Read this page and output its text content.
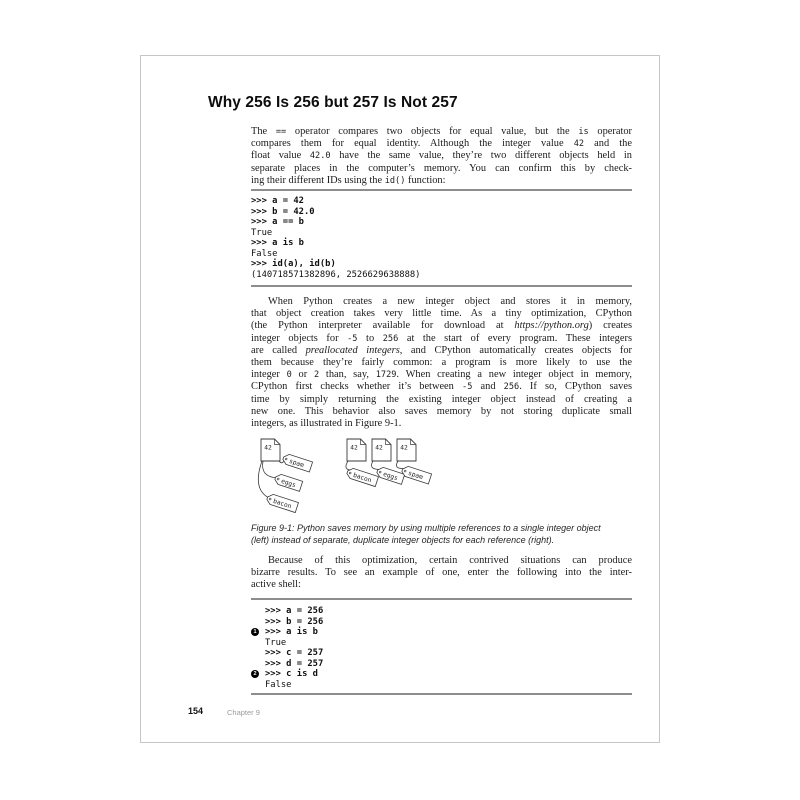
Why 256 Is 256 but 257 Is Not 257
The == operator compares two objects for equal value, but the is operator
compares them for equal identity. Although the integer value 42 and the
float value 42.0 have the same value, they’re two different objects held in
separate places in the computer’s memory. You can confirm this by check-
ing their different IDs using the id() function:
>>> a = 42
>>> b = 42.0
>>> a == b
True
>>> a is b
False
>>> id(a), id(b)
(140718571382896, 2526629638888)
When Python creates a new integer object and stores it in memory,
that object creation takes very little time. As a tiny optimization, CPython
(the Python interpreter available for download at https://python.org) creates
integer objects for -5 to 256 at the start of every program. These integers
are called preallocated integers, and CPython automatically creates objects for
them because they’re fairly common: a program is more likely to use the
integer 0 or 2 than, say, 1729. When creating a new integer object in memory,
CPython first checks whether it’s between -5 and 256. If so, CPython saves
time by simply returning the existing integer object instead of creating a
new one. This behavior also saves memory by not storing duplicate small
integers, as illustrated in Figure 9-1.
42
spam
eggs
bacon
42	42	42
bacon eggs spam
Figure 9-1: Python saves memory by using multiple references to a single integer object
(left) instead of separate, duplicate integer objects for each reference (right).
Because of this optimization, certain contrived situations can produce
bizarre results. To see an example of one, enter the following into the inter-
active shell:
>>> a = 256
>>> b = 256
1 >>> a is b
True
>>> c = 257
>>> d = 257
2 >>> c is d
False
154	Chapter 9
